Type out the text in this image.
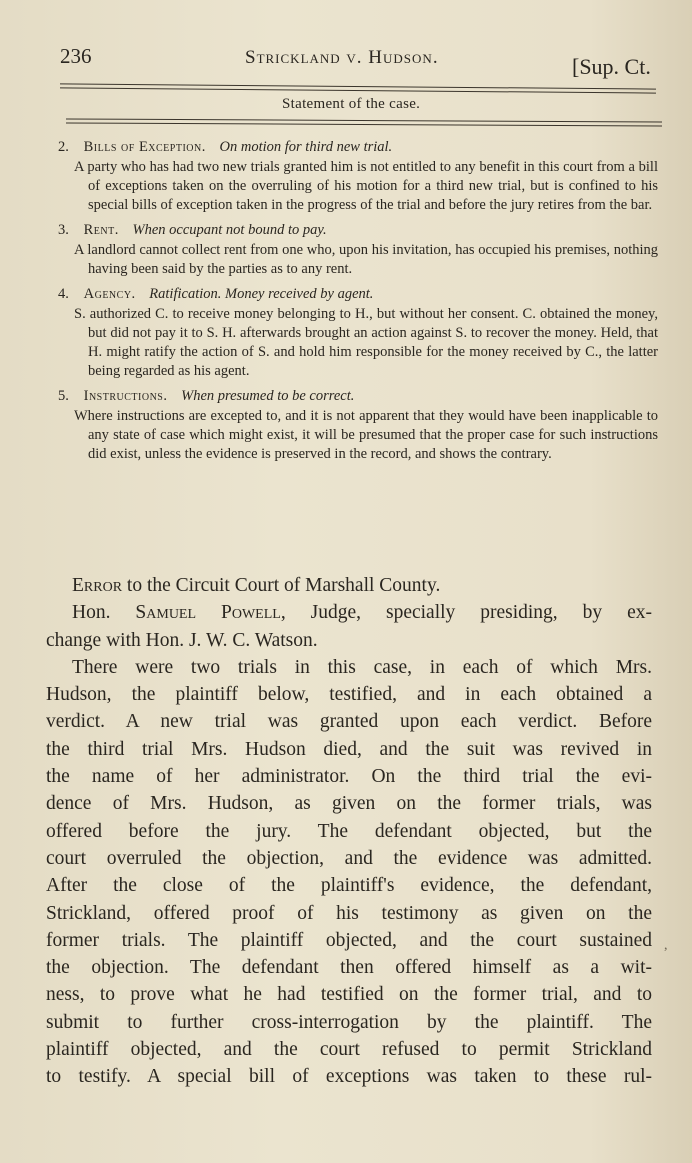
236	Strickland v. Hudson.	[Sup. Ct.
Statement of the case.

2. Bills of Exception. On motion for third new trial.

A party who has had two new trials granted him is not entitled to any benefit in this court from a bill of exceptions taken on the overruling of his motion for a third new trial, but is confined to his special bills of exception taken in the progress of the trial and before the jury retires from the bar.

3. Rent. When occupant not bound to pay.

A landlord cannot collect rent from one who, upon his invitation, has occupied his premises, nothing having been said by the parties as to any rent.

4. Agency. Ratification. Money received by agent.

S. authorized C. to receive money belonging to H., but without her consent. C. obtained the money, but did not pay it to S. H. afterwards brought an action against S. to recover the money. Held, that H. might ratify the action of S. and hold him responsible for the money received by C., the latter being regarded as his agent.

5. Instructions. When presumed to be correct.

Where instructions are excepted to, and it is not apparent that they would have been inapplicable to any state of case which might exist, it will be presumed that the proper case for such instructions did exist, unless the evidence is preserved in the record, and shows the contrary.

Error to the Circuit Court of Marshall County.

Hon. Samuel Powell, Judge, specially presiding, by ex-
change with Hon. J. W. C. Watson.

There were two trials in this case, in each of which Mrs.
Hudson, the plaintiff below, testified, and in each obtained a
verdict. A new trial was granted upon each verdict. Before
the third trial Mrs. Hudson died, and the suit was revived in
the name of her administrator. On the third trial the evi-
dence of Mrs. Hudson, as given on the former trials, was
offered before the jury. The defendant objected, but the
court overruled the objection, and the evidence was admitted.
After the close of the plaintiff's evidence, the defendant,
Strickland, offered proof of his testimony as given on the
former trials. The plaintiff objected, and the court sustained
the objection. The defendant then offered himself as a wit-
ness, to prove what he had testified on the former trial, and to
submit to further cross-interrogation by the plaintiff. The
plaintiff objected, and the court refused to permit Strickland
to testify. A special bill of exceptions was taken to these rul-

,
